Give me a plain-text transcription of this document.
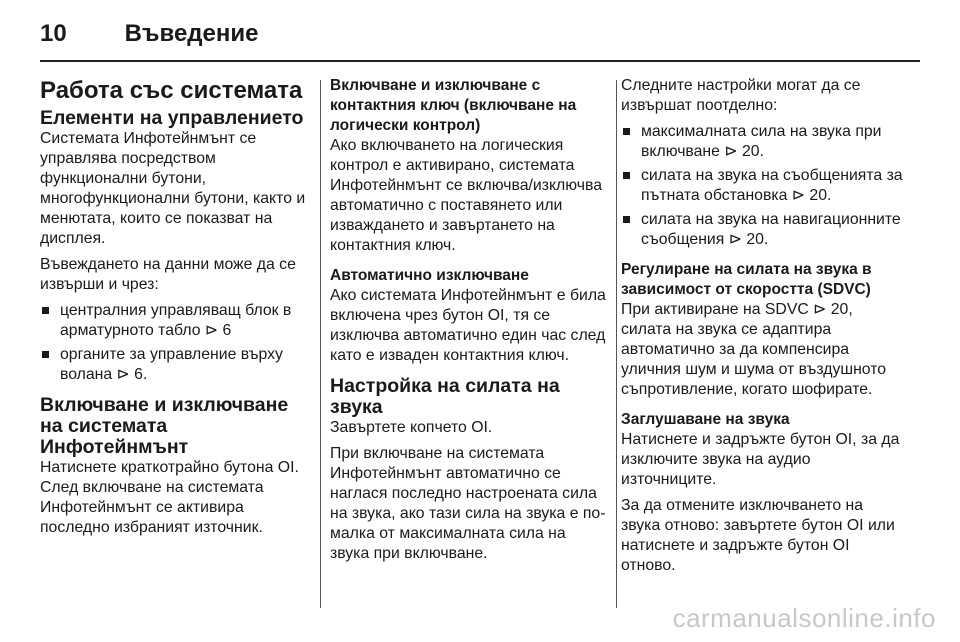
10 Въведение
Работа със системата
Елементи на управлението

Системата Инфотейнмънт се управлява посредством функционални бутони, многофункционални бутони, както и менютата, които се показват на дисплея.

Въвеждането на данни може да се извърши и чрез:

централния управляващ блок в арматурното табло ⊳ 6
органите за управление върху волана ⊳ 6.
Включване и изключване на системата Инфотейнмънт

Натиснете краткотрайно бутона OI. След включване на системата Инфотейнмънт се активира последно избраният източник.

Включване и изключване с контактния ключ (включване на логически контрол)

Ако включването на логическия контрол е активирано, системата Инфотейнмънт се включва/изключва автоматично с поставянето или изваждането и завъртането на контактния ключ.

Автоматично изключване

Ако системата Инфотейнмънт е била включена чрез бутон OI, тя се изключва автоматично един час след като е изваден контактния ключ.

Настройка на силата на звука

Завъртете копчето OI.

При включване на системата Инфотейнмънт автоматично се наглася последно настроената сила на звука, ако тази сила на звука е по-малка от максималната сила на звука при включване.

Следните настройки могат да се извършат поотделно:

максималната сила на звука при включване ⊳ 20.
силата на звука на съобщенията за пътната обстановка ⊳ 20.
силата на звука на навигационните съобщения ⊳ 20.
Регулиране на силата на звука в зависимост от скоростта (SDVC)

При активиране на SDVC ⊳ 20, силата на звука се адаптира автоматично за да компенсира уличния шум и шума от въздушното съпротивление, когато шофирате.

Заглушаване на звука

Натиснете и задръжте бутон OI, за да изключите звука на аудио източниците.

За да отмените изключването на звука отново: завъртете бутон OI или натиснете и задръжте бутон OI отново.

carmanualsonline.info
